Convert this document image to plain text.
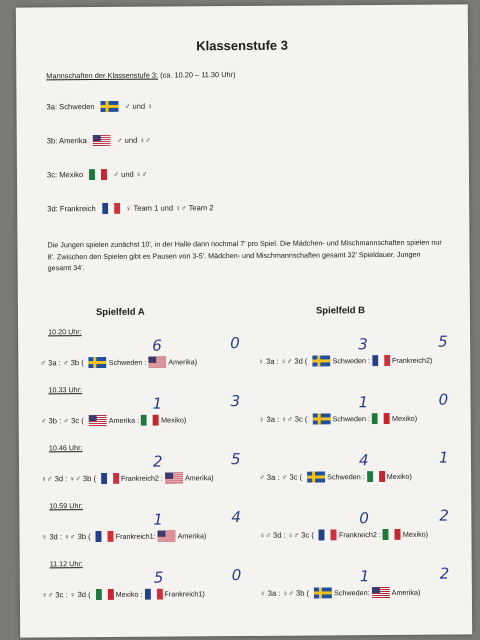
Klassenstufe 3
Mannschaften der Klassenstufe 3: (ca. 10.20 – 11.30 Uhr)
3a: Schweden	♂ und ♀
3b: Amerika	♂ und ♀♂
3c: Mexiko	♂ und ♀♂
3d: Frankreich	♀ Team 1 und ♀♂ Team 2
Die Jungen spielen zunächst 10', in der Halle dann nochmal 7' pro Spiel. Die Mädchen- und Mischmannschaften spielen nur 8'. Zwischen den Spielen gibt es Pausen von 3-5'. Mädchen- und Mischmannschaften gesamt 32' Spieldauer, Jungen gesamt 34'.
Spielfeld A	Spielfeld B
10.20 Uhr:
♂ 3a : ♂ 3b (	Schweden :	Amerika)
6	0
♀ 3a : ♀♂ 3d (	Schweden :	Frankreich2)
3	5
10.33 Uhr:
♂ 3b : ♂ 3c (	Amerika :	Mexiko)
1	3
♀ 3a : ♀♂ 3c (	Schweden :	Mexiko)
1	0
10.46 Uhr:
♀♂ 3d : ♀♂ 3b (	Frankreich2 :	Amerika)
2	5
♂ 3a : ♂ 3c (	Schweden :	Mexiko)
4	1
10.59 Uhr:
♀ 3d : ♀♂ 3b (	Frankreich1:	Amerika)
1	4
♀♂ 3d : ♀♂ 3c (	Frankreich2 :	Mexiko)
0	2
11.12 Uhr:
♀♂ 3c : ♀ 3d (	Mexiko :	Frankreich1)
5	0
♀ 3a : ♀♂ 3b (	Schweden:	Amerika)
1	2
